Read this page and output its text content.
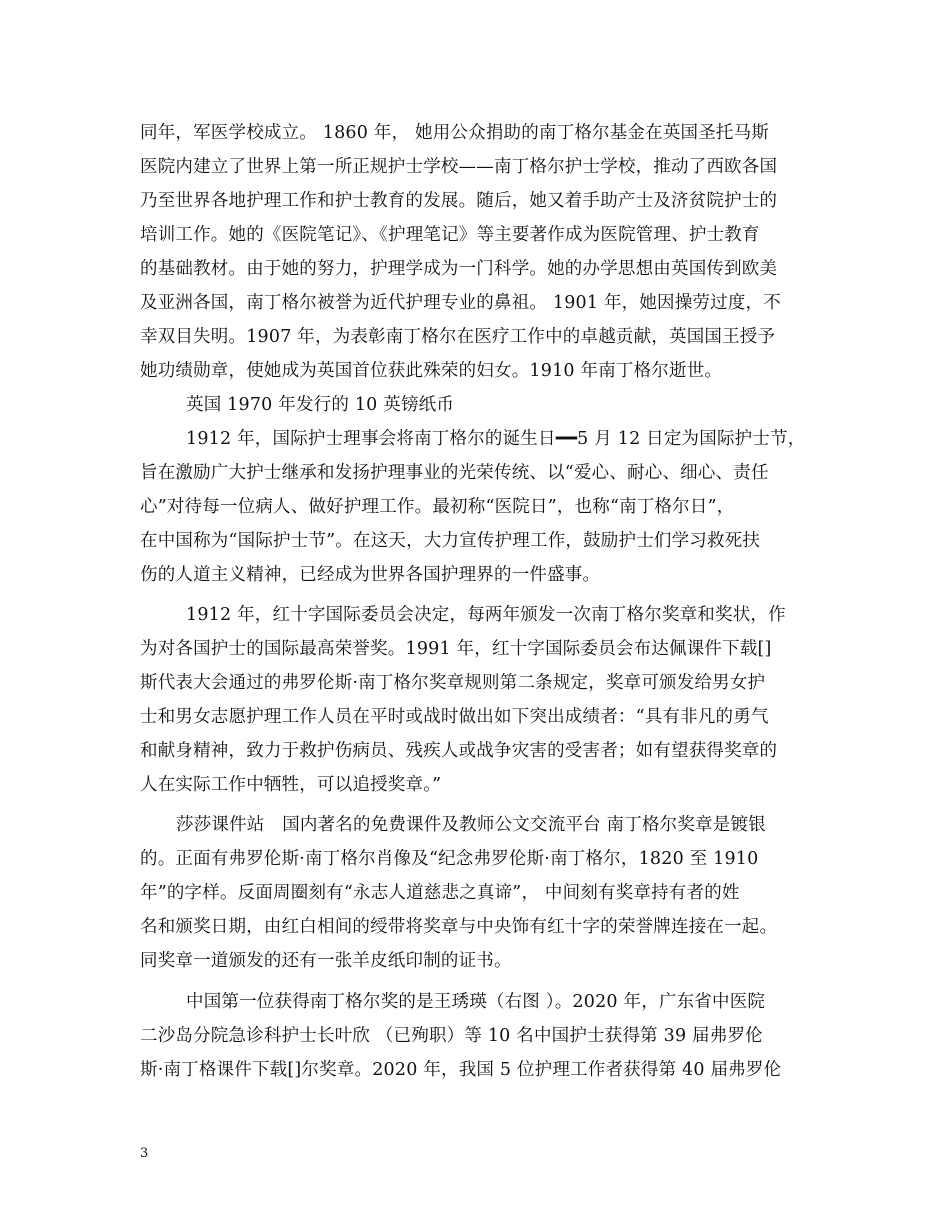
同年，军医学校成立。 1860 年， 她用公众捐助的南丁格尔基金在英国圣托马斯
医院内建立了世界上第一所正规护士学校——南丁格尔护士学校，推动了西欧各国
乃至世界各地护理工作和护士教育的发展。随后，她又着手助产士及济贫院护士的
培训工作。她的《医院笔记》、《护理笔记》等主要著作成为医院管理、护士教育
的基础教材。由于她的努力，护理学成为一门科学。她的办学思想由英国传到欧美
及亚洲各国，南丁格尔被誉为近代护理专业的鼻祖。 1901 年，她因操劳过度，不
幸双目失明。1907 年，为表彰南丁格尔在医疗工作中的卓越贡献，英国国王授予
她功绩勋章，使她成为英国首位获此殊荣的妇女。1910 年南丁格尔逝世。
英国 1970 年发行的 10 英镑纸币
1912 年，国际护士理事会将南丁格尔的诞生日━━5 月 12 日定为国际护士节，
旨在激励广大护士继承和发扬护理事业的光荣传统、以“爱心、耐心、细心、责任
心”对待每一位病人、做好护理工作。最初称“医院日”，也称“南丁格尔日”，
在中国称为“国际护士节”。在这天，大力宣传护理工作，鼓励护士们学习救死扶
伤的人道主义精神，已经成为世界各国护理界的一件盛事。
1912 年，红十字国际委员会决定，每两年颁发一次南丁格尔奖章和奖状，作
为对各国护士的国际最高荣誉奖。1991 年，红十字国际委员会布达佩课件下载[]
斯代表大会通过的弗罗伦斯·南丁格尔奖章规则第二条规定，奖章可颁发给男女护
士和男女志愿护理工作人员在平时或战时做出如下突出成绩者：“具有非凡的勇气
和献身精神，致力于救护伤病员、残疾人或战争灾害的受害者；如有望获得奖章的
人在实际工作中牺牲，可以追授奖章。”
莎莎课件站　国内著名的免费课件及教师公文交流平台 南丁格尔奖章是镀银
的。正面有弗罗伦斯·南丁格尔肖像及“纪念弗罗伦斯·南丁格尔，1820 至 1910
年”的字样。反面周圈刻有“永志人道慈悲之真谛”， 中间刻有奖章持有者的姓
名和颁奖日期，由红白相间的绶带将奖章与中央饰有红十字的荣誉牌连接在一起。
同奖章一道颁发的还有一张羊皮纸印制的证书。
中国第一位获得南丁格尔奖的是王琇瑛（右图 ）。2020 年，广东省中医院
二沙岛分院急诊科护士长叶欣 （已殉职）等 10 名中国护士获得第 39 届弗罗伦
斯·南丁格课件下载[]尔奖章。2020 年，我国 5 位护理工作者获得第 40 届弗罗伦
3
